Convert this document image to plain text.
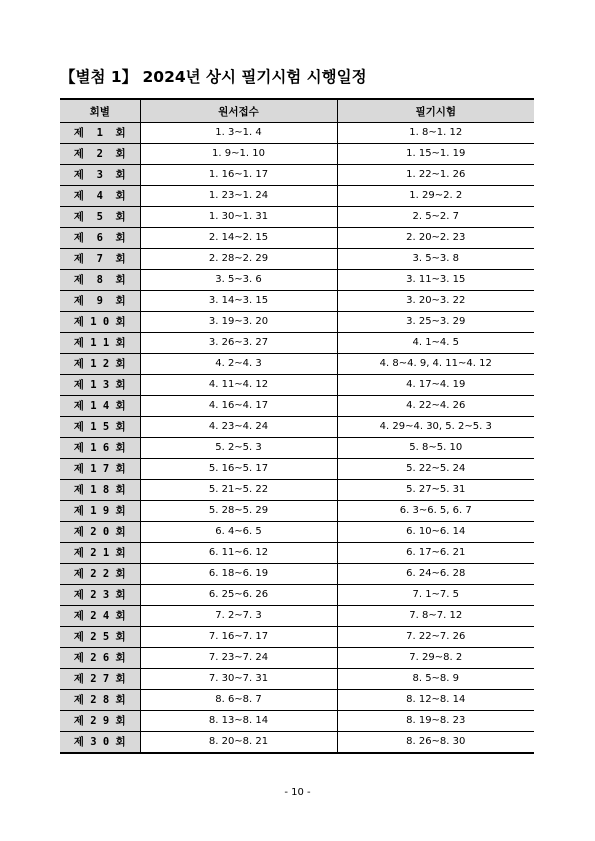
【별첨 1】 2024년 상시 필기시험 시행일정
회별	원서접수	필기시험
제  1  회	1. 3~1. 4	1. 8~1. 12
제  2  회	1. 9~1. 10	1. 15~1. 19
제  3  회	1. 16~1. 17	1. 22~1. 26
제  4  회	1. 23~1. 24	1. 29~2. 2
제  5  회	1. 30~1. 31	2. 5~2. 7
제  6  회	2. 14~2. 15	2. 20~2. 23
제  7  회	2. 28~2. 29	3. 5~3. 8
제  8  회	3. 5~3. 6	3. 11~3. 15
제  9  회	3. 14~3. 15	3. 20~3. 22
제 1 0 회	3. 19~3. 20	3. 25~3. 29
제 1 1 회	3. 26~3. 27	4. 1~4. 5
제 1 2 회	4. 2~4. 3	4. 8~4. 9, 4. 11~4. 12
제 1 3 회	4. 11~4. 12	4. 17~4. 19
제 1 4 회	4. 16~4. 17	4. 22~4. 26
제 1 5 회	4. 23~4. 24	4. 29~4. 30, 5. 2~5. 3
제 1 6 회	5. 2~5. 3	5. 8~5. 10
제 1 7 회	5. 16~5. 17	5. 22~5. 24
제 1 8 회	5. 21~5. 22	5. 27~5. 31
제 1 9 회	5. 28~5. 29	6. 3~6. 5, 6. 7
제 2 0 회	6. 4~6. 5	6. 10~6. 14
제 2 1 회	6. 11~6. 12	6. 17~6. 21
제 2 2 회	6. 18~6. 19	6. 24~6. 28
제 2 3 회	6. 25~6. 26	7. 1~7. 5
제 2 4 회	7. 2~7. 3	7. 8~7. 12
제 2 5 회	7. 16~7. 17	7. 22~7. 26
제 2 6 회	7. 23~7. 24	7. 29~8. 2
제 2 7 회	7. 30~7. 31	8. 5~8. 9
제 2 8 회	8. 6~8. 7	8. 12~8. 14
제 2 9 회	8. 13~8. 14	8. 19~8. 23
제 3 0 회	8. 20~8. 21	8. 26~8. 30
- 10 -
